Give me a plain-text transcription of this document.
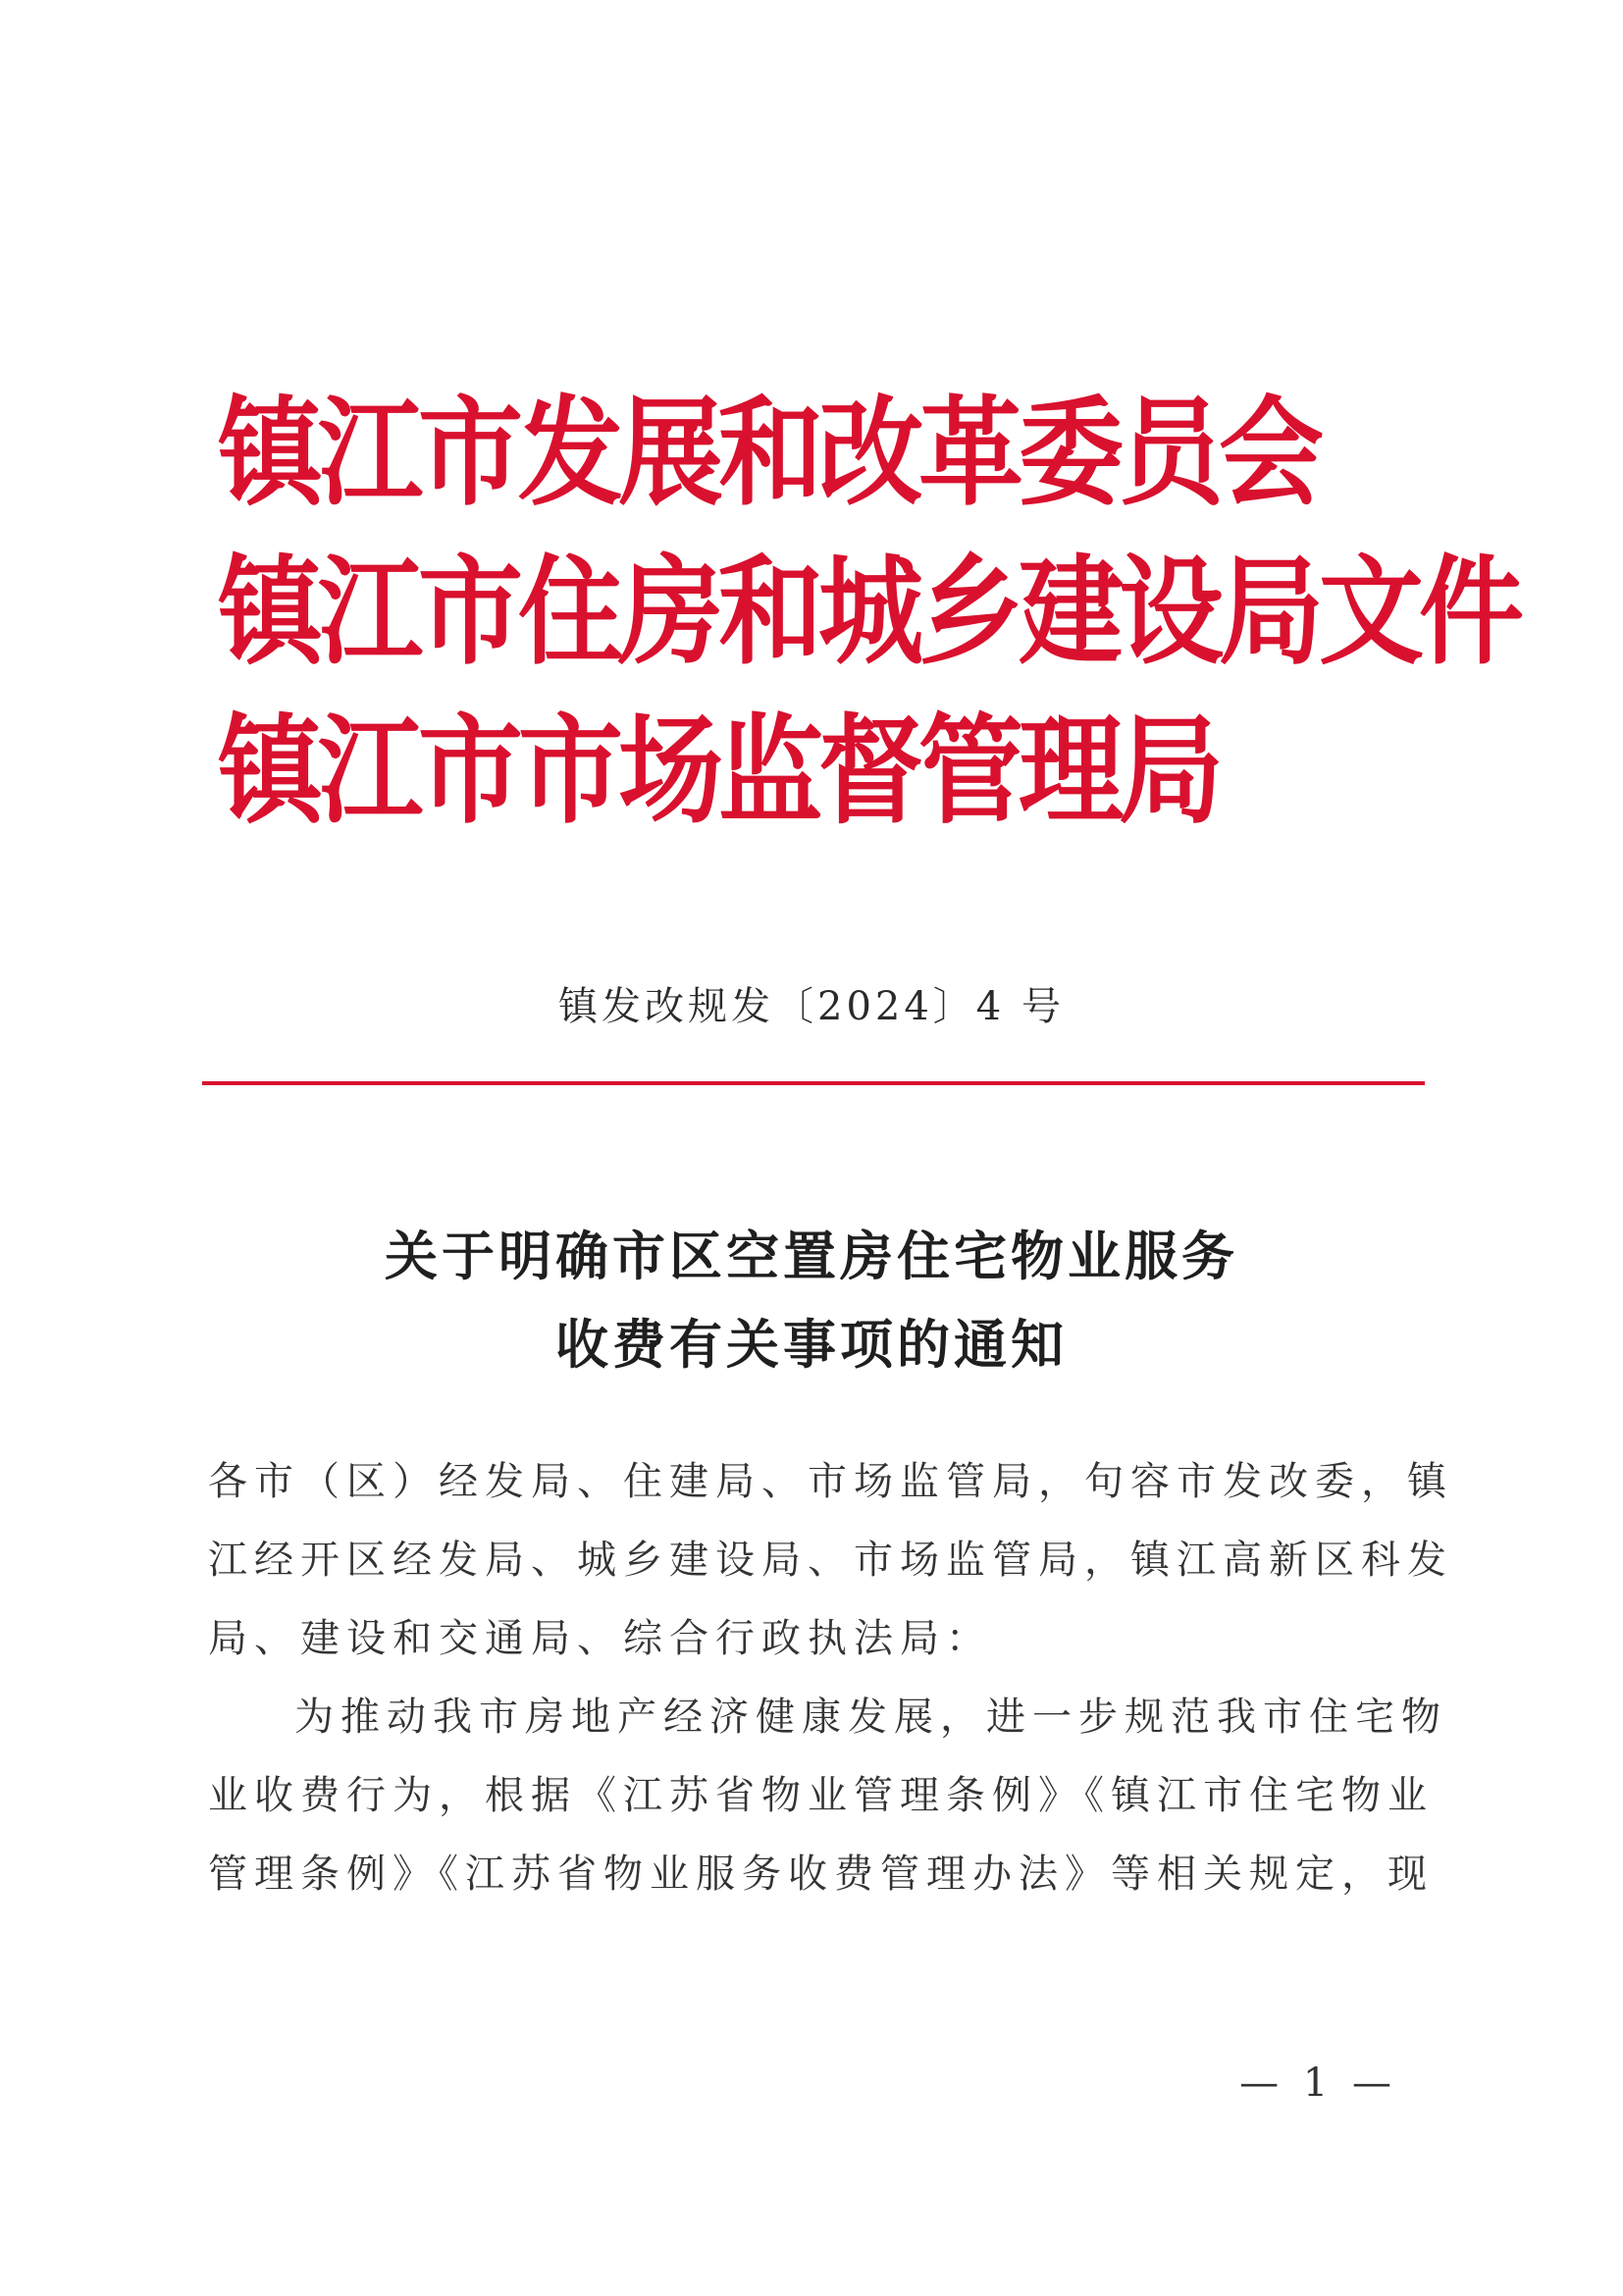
镇江市发展和改革委员会
镇江市住房和城乡建设局文件
镇江市市场监督管理局
镇发改规发〔2024〕4 号
关于明确市区空置房住宅物业服务
收费有关事项的通知
各市（区）经发局、住建局、市场监管局，句容市发改委，镇
江经开区经发局、城乡建设局、市场监管局，镇江高新区科发
局、建设和交通局、综合行政执法局：
为推动我市房地产经济健康发展，进一步规范我市住宅物
业收费行为，根据《江苏省物业管理条例》《镇江市住宅物业
管理条例》《江苏省物业服务收费管理办法》等相关规定，现
— 1 —
